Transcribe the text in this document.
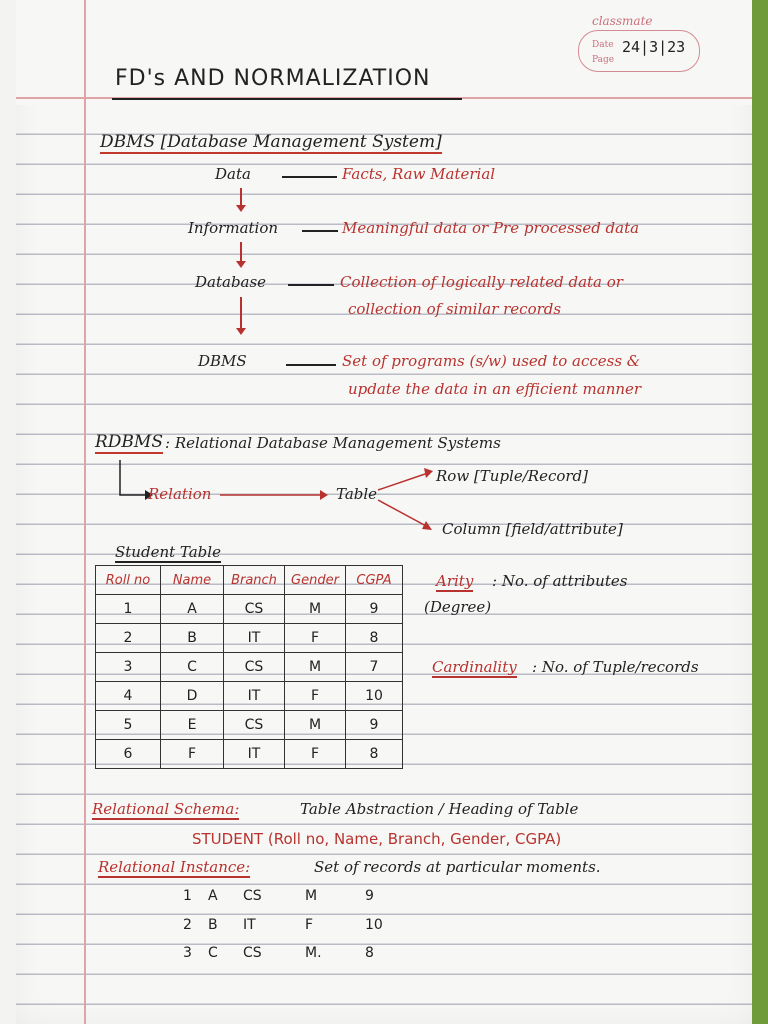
classmate
Date
Page
24|3|23
FD's AND NORMALIZATION
DBMS [Database Management System]
Data	Facts, Raw Material
Information	Meaningful data or Pre processed data
Database	Collection of logically related data or
collection of similar records
DBMS	Set of programs (s/w) used to access &
update the data in an efficient manner
RDBMS : Relational Database Management Systems
Relation	Table
Row [Tuple/Record]
Column [field/attribute]
Student Table
Roll no	Name	Branch	Gender	CGPA
1	A	CS	M	9
2	B	IT	F	8
3	C	CS	M	7
4	D	IT	F	10
5	E	CS	M	9
6	F	IT	F	8
Arity : No. of attributes
(Degree)
Cardinality : No. of Tuple/records
Relational Schema:	Table Abstraction / Heading of Table
STUDENT (Roll no, Name, Branch, Gender, CGPA)
Relational Instance:	Set of records at particular moments.
1 A CS	M	9
2 B IT	F	10
3 C CS	M.	8
